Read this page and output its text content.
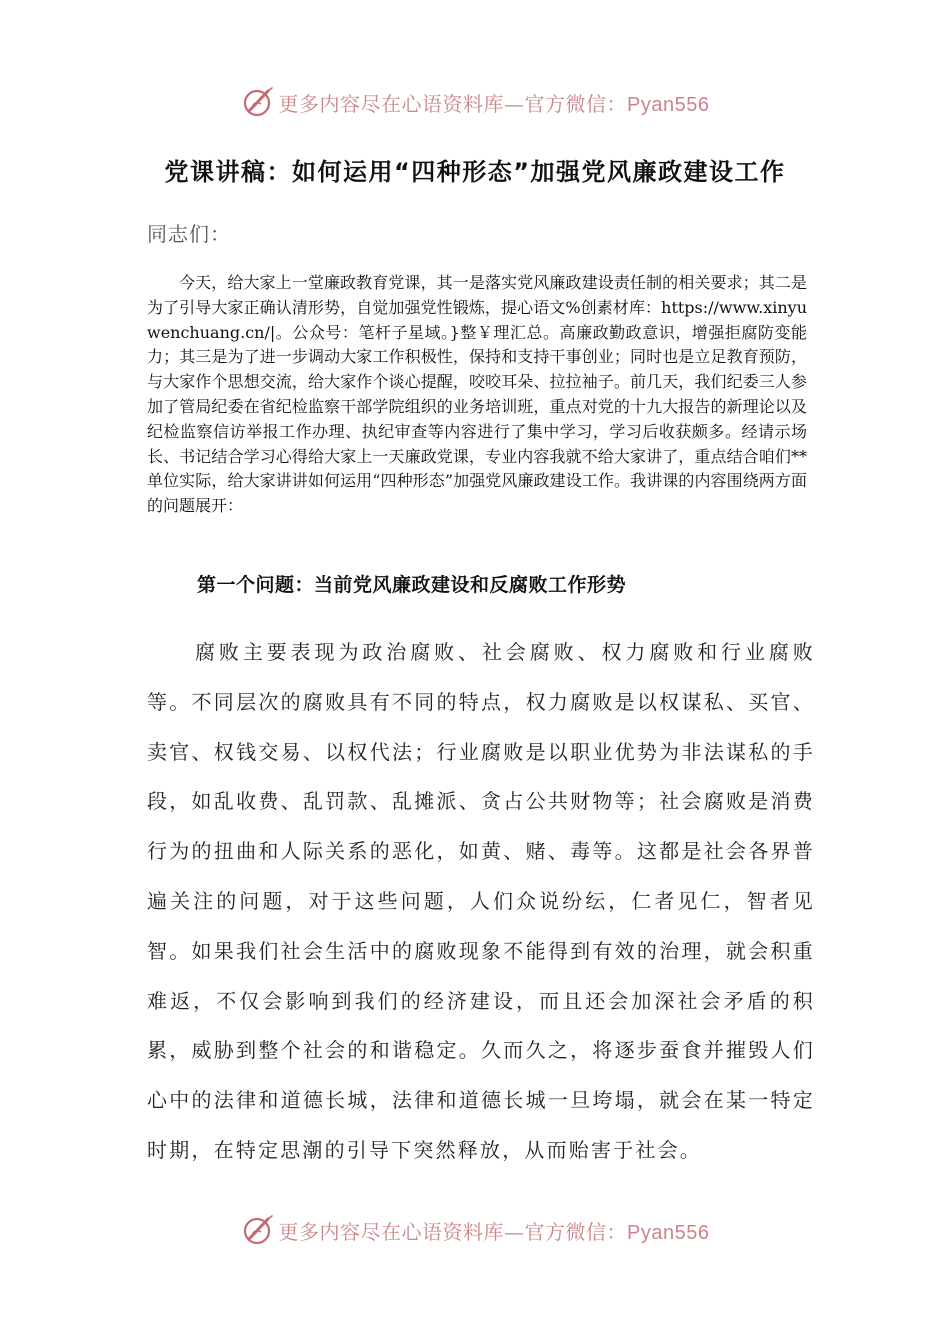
更多内容尽在心语资料库—官方微信：Pyan556
党课讲稿：如何运用“四种形态”加强党风廉政建设工作
同志们：

今天，给大家上一堂廉政教育党课，其一是落实党风廉政建设责任制的相关要求；其二是为了引导大家正确认清形势，自觉加强党性锻炼，提心语文%创素材库：https://www.xinyuwenchuang.cn/|。公众号：笔杆子星域。}整￥理汇总。高廉政勤政意识，增强拒腐防变能力；其三是为了进一步调动大家工作积极性，保持和支持干事创业；同时也是立足教育预防，与大家作个思想交流，给大家作个谈心提醒，咬咬耳朵、拉拉袖子。前几天，我们纪委三人参加了管局纪委在省纪检监察干部学院组织的业务培训班，重点对党的十九大报告的新理论以及纪检监察信访举报工作办理、执纪审查等内容进行了集中学习，学习后收获颇多。经请示场长、书记结合学习心得给大家上一天廉政党课，专业内容我就不给大家讲了，重点结合咱们**单位实际，给大家讲讲如何运用“四种形态”加强党风廉政建设工作。我讲课的内容围绕两方面的问题展开：

第一个问题：当前党风廉政建设和反腐败工作形势

腐败主要表现为政治腐败、社会腐败、权力腐败和行业腐败等。不同层次的腐败具有不同的特点，权力腐败是以权谋私、买官、卖官、权钱交易、以权代法；行业腐败是以职业优势为非法谋私的手段，如乱收费、乱罚款、乱摊派、贪占公共财物等；社会腐败是消费行为的扭曲和人际关系的恶化，如黄、赌、毒等。这都是社会各界普遍关注的问题，对于这些问题，人们众说纷纭，仁者见仁，智者见智。如果我们社会生活中的腐败现象不能得到有效的治理，就会积重难返，不仅会影响到我们的经济建设，而且还会加深社会矛盾的积累，威胁到整个社会的和谐稳定。久而久之，将逐步蚕食并摧毁人们心中的法律和道德长城，法律和道德长城一旦垮塌，就会在某一特定时期，在特定思潮的引导下突然释放，从而贻害于社会。

更多内容尽在心语资料库—官方微信：Pyan556
